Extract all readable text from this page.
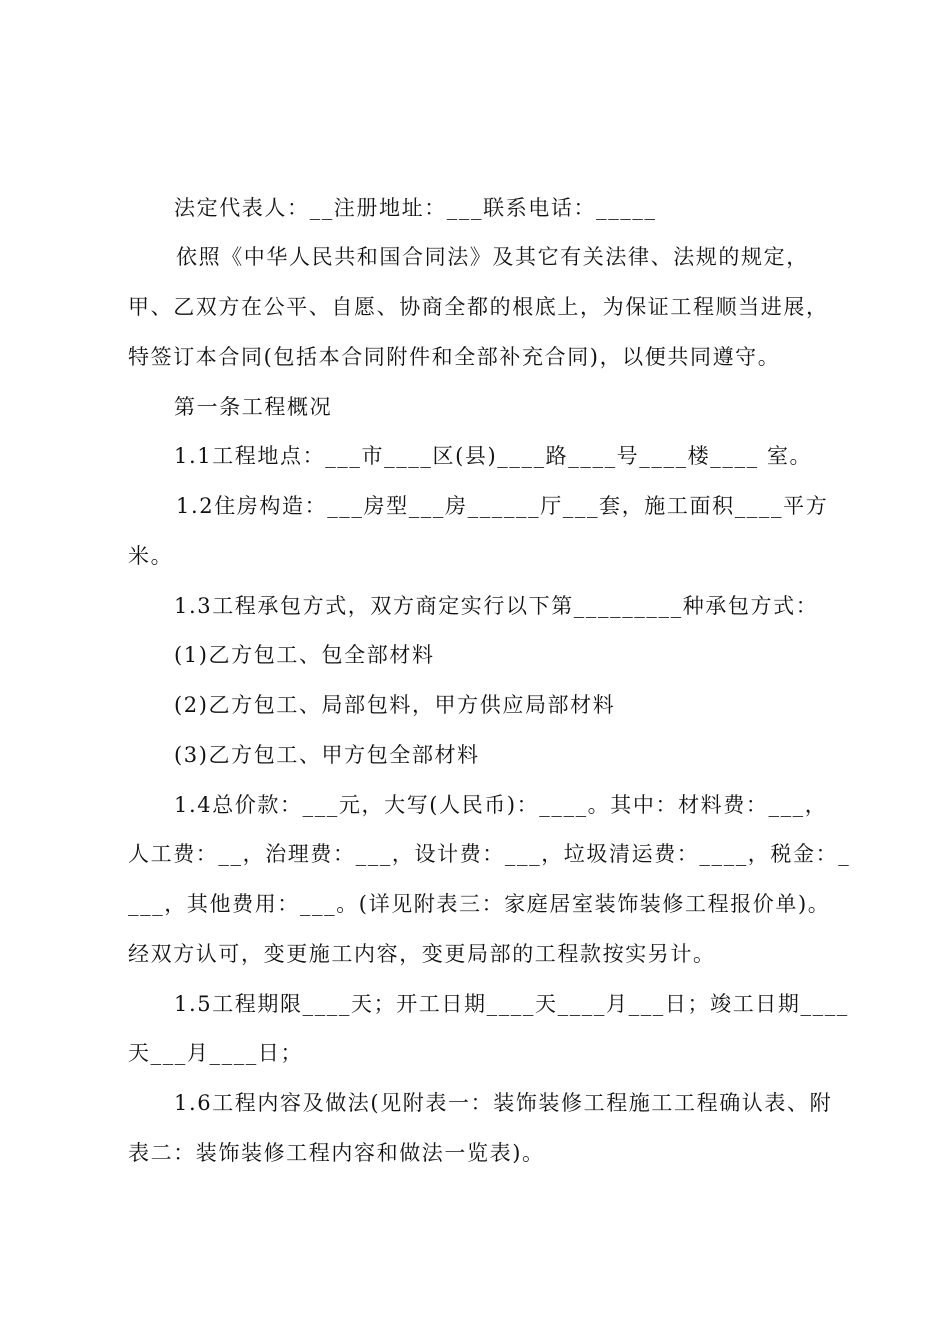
法定代表人：__注册地址：___联系电话：_____
依照《中华人民共和国合同法》及其它有关法律、法规的规定，
甲、乙双方在公平、自愿、协商全都的根底上，为保证工程顺当进展，
特签订本合同(包括本合同附件和全部补充合同)，以便共同遵守。
第一条工程概况
1.1工程地点：___市____区(县)____路____号____楼____ 室。
1.2住房构造：___房型___房______厅___套，施工面积____平方
米。
1.3工程承包方式，双方商定实行以下第_________种承包方式：
(1)乙方包工、包全部材料
(2)乙方包工、局部包料，甲方供应局部材料
(3)乙方包工、甲方包全部材料
1.4总价款：___元，大写(人民币)：____。其中：材料费：___，
人工费：__，治理费：___，设计费：___，垃圾清运费：____，税金：_
___，其他费用：___。(详见附表三：家庭居室装饰装修工程报价单)。
经双方认可，变更施工内容，变更局部的工程款按实另计。
1.5工程期限____天；开工日期____天____月___日；竣工日期____
天___月____日；
1.6工程内容及做法(见附表一：装饰装修工程施工工程确认表、附
表二：装饰装修工程内容和做法一览表)。
